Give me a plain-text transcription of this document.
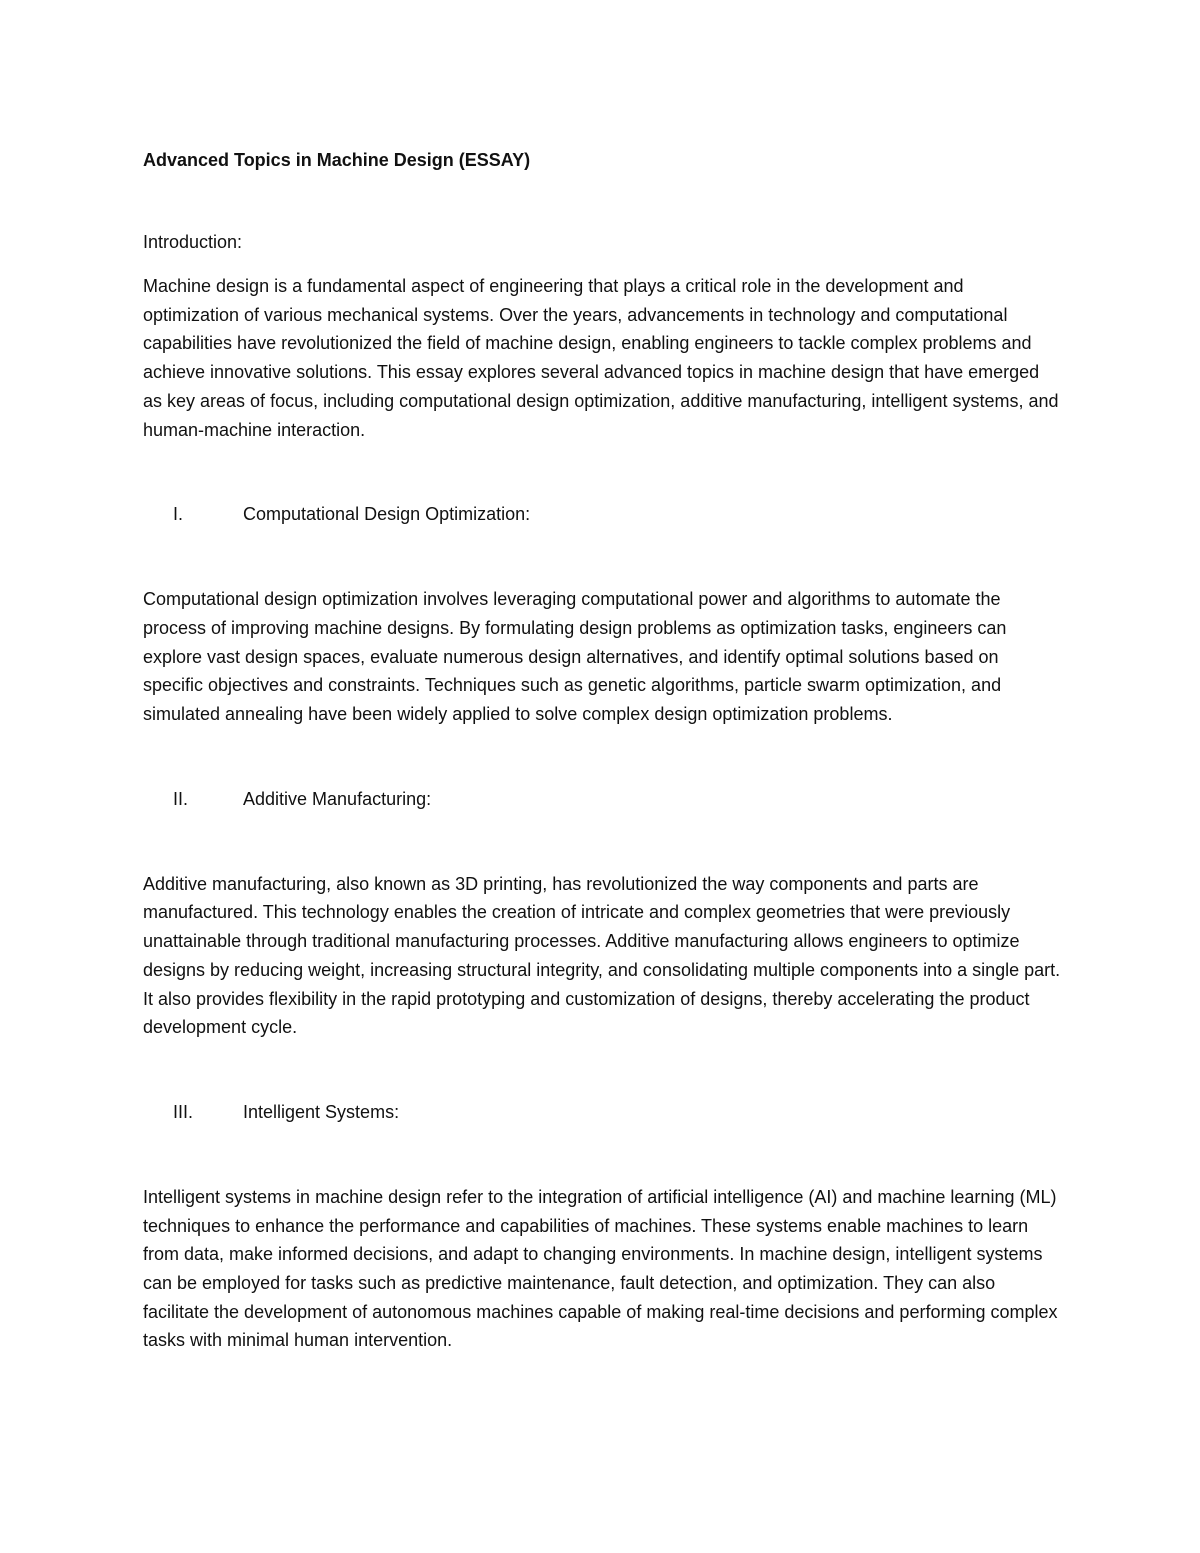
Advanced Topics in Machine Design (ESSAY)
Introduction:

Machine design is a fundamental aspect of engineering that plays a critical role in the development and optimization of various mechanical systems. Over the years, advancements in technology and computational capabilities have revolutionized the field of machine design, enabling engineers to tackle complex problems and achieve innovative solutions. This essay explores several advanced topics in machine design that have emerged as key areas of focus, including computational design optimization, additive manufacturing, intelligent systems, and human-machine interaction.

I.	Computational Design Optimization:

Computational design optimization involves leveraging computational power and algorithms to automate the process of improving machine designs. By formulating design problems as optimization tasks, engineers can explore vast design spaces, evaluate numerous design alternatives, and identify optimal solutions based on specific objectives and constraints. Techniques such as genetic algorithms, particle swarm optimization, and simulated annealing have been widely applied to solve complex design optimization problems.

II.	Additive Manufacturing:

Additive manufacturing, also known as 3D printing, has revolutionized the way components and parts are manufactured. This technology enables the creation of intricate and complex geometries that were previously unattainable through traditional manufacturing processes. Additive manufacturing allows engineers to optimize designs by reducing weight, increasing structural integrity, and consolidating multiple components into a single part. It also provides flexibility in the rapid prototyping and customization of designs, thereby accelerating the product development cycle.

III.	Intelligent Systems:

Intelligent systems in machine design refer to the integration of artificial intelligence (AI) and machine learning (ML) techniques to enhance the performance and capabilities of machines. These systems enable machines to learn from data, make informed decisions, and adapt to changing environments. In machine design, intelligent systems can be employed for tasks such as predictive maintenance, fault detection, and optimization. They can also facilitate the development of autonomous machines capable of making real-time decisions and performing complex tasks with minimal human intervention.
